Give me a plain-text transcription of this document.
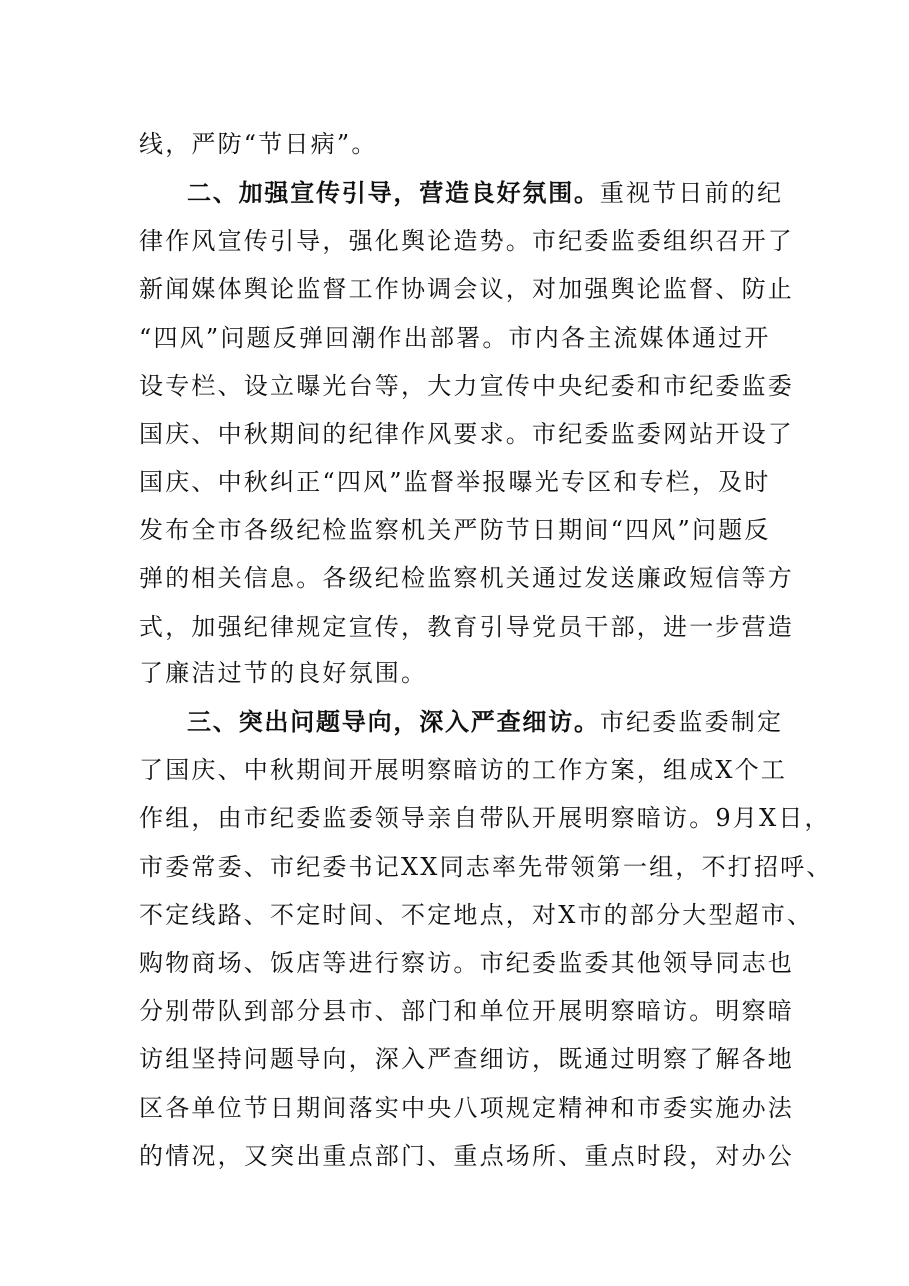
线，严防“节日病”。
二、加强宣传引导，营造良好氛围。重视节日前的纪
律作风宣传引导，强化舆论造势。市纪委监委组织召开了
新闻媒体舆论监督工作协调会议，对加强舆论监督、防止
“四风”问题反弹回潮作出部署。市内各主流媒体通过开
设专栏、设立曝光台等，大力宣传中央纪委和市纪委监委
国庆、中秋期间的纪律作风要求。市纪委监委网站开设了
国庆、中秋纠正“四风”监督举报曝光专区和专栏，及时
发布全市各级纪检监察机关严防节日期间“四风”问题反
弹的相关信息。各级纪检监察机关通过发送廉政短信等方
式，加强纪律规定宣传，教育引导党员干部，进一步营造
了廉洁过节的良好氛围。
三、突出问题导向，深入严查细访。市纪委监委制定
了国庆、中秋期间开展明察暗访的工作方案，组成X个工
作组，由市纪委监委领导亲自带队开展明察暗访。9月X日，
市委常委、市纪委书记XX同志率先带领第一组，不打招呼、
不定线路、不定时间、不定地点，对X市的部分大型超市、
购物商场、饭店等进行察访。市纪委监委其他领导同志也
分别带队到部分县市、部门和单位开展明察暗访。明察暗
访组坚持问题导向，深入严查细访，既通过明察了解各地
区各单位节日期间落实中央八项规定精神和市委实施办法
的情况，又突出重点部门、重点场所、重点时段，对办公
